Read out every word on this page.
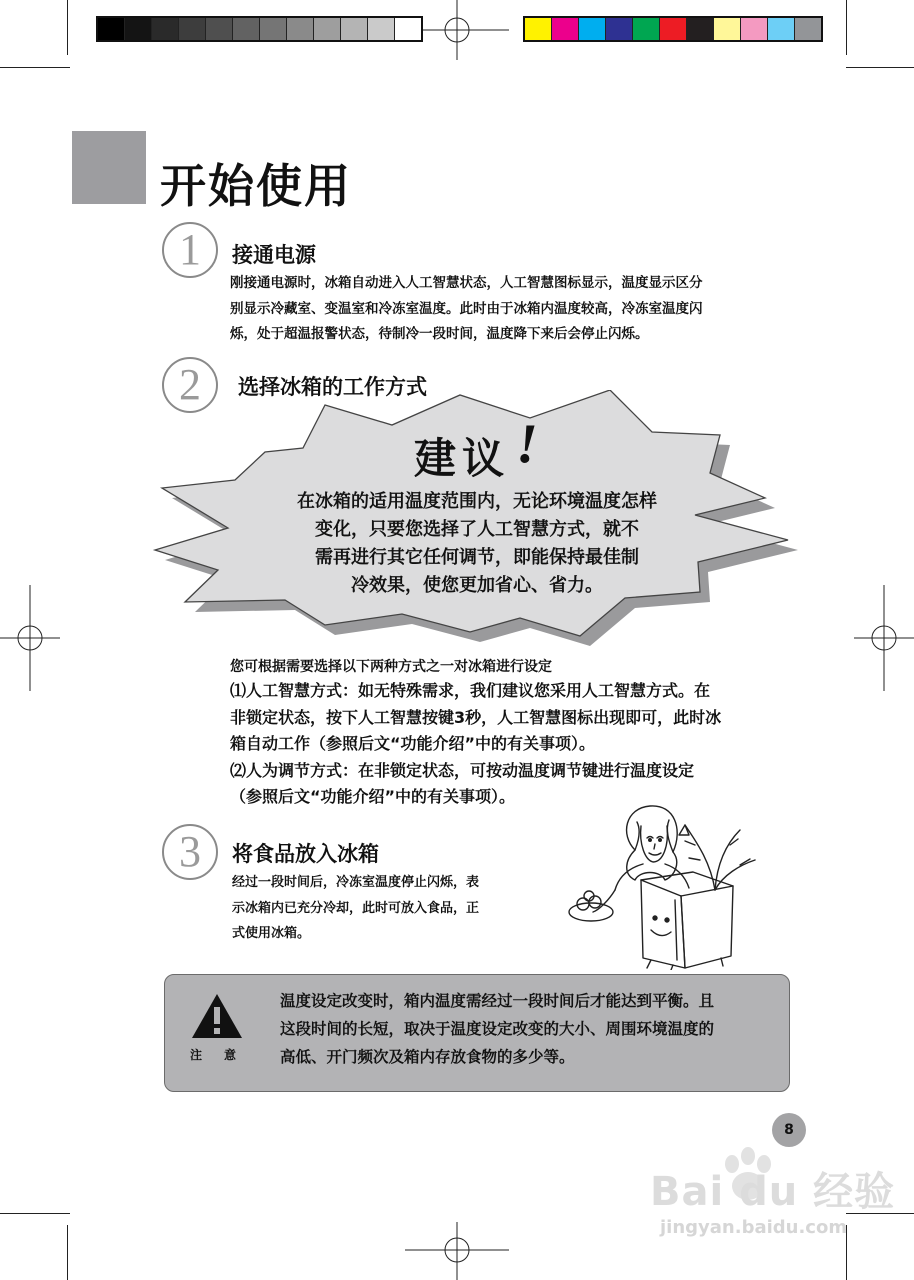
开始使用
1	接通电源

刚接通电源时，冰箱自动进入人工智慧状态，人工智慧图标显示，温度显示区分

别显示冷藏室、变温室和冷冻室温度。此时由于冰箱内温度较高，冷冻室温度闪

烁，处于超温报警状态，待制冷一段时间，温度降下来后会停止闪烁。

2	选择冰箱的工作方式
建议 !

在冰箱的适用温度范围内，无论环境温度怎样

变化，只要您选择了人工智慧方式，就不

需再进行其它任何调节，即能保持最佳制

冷效果，使您更加省心、省力。

您可根据需要选择以下两种方式之一对冰箱进行设定

⑴人工智慧方式：如无特殊需求，我们建议您采用人工智慧方式。在

非锁定状态，按下人工智慧按键3秒，人工智慧图标出现即可，此时冰

箱自动工作（参照后文“功能介绍”中的有关事项）。

⑵人为调节方式：在非锁定状态，可按动温度调节键进行温度设定

（参照后文“功能介绍”中的有关事项）。

3	将食品放入冰箱

经过一段时间后，冷冻室温度停止闪烁，表

示冰箱内已充分冷却，此时可放入食品，正

式使用冰箱。

注意

温度设定改变时，箱内温度需经过一段时间后才能达到平衡。且

这段时间的长短，取决于温度设定改变的大小、周围环境温度的

高低、开门频次及箱内存放食物的多少等。

8
Bai du 经验
jingyan.baidu.com
